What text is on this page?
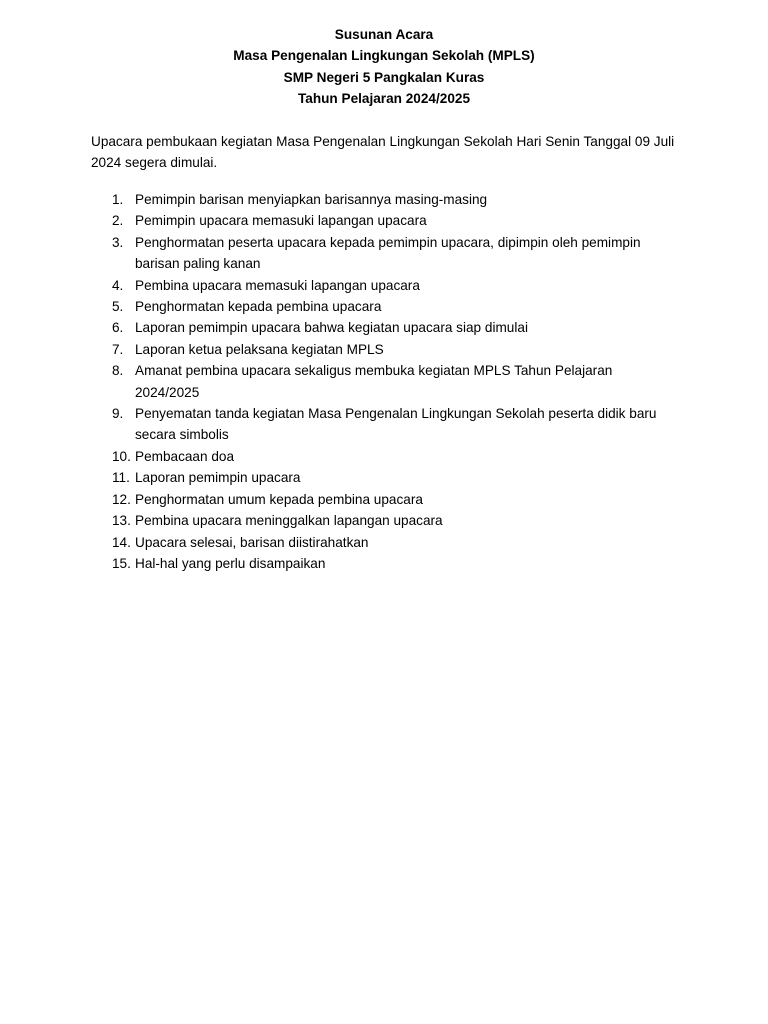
Susunan Acara
Masa Pengenalan Lingkungan Sekolah (MPLS)
SMP Negeri 5 Pangkalan Kuras
Tahun Pelajaran 2024/2025
Upacara pembukaan kegiatan Masa Pengenalan Lingkungan Sekolah Hari Senin Tanggal 09 Juli 2024 segera dimulai.
1. Pemimpin barisan menyiapkan barisannya masing-masing
2. Pemimpin upacara memasuki lapangan upacara
3. Penghormatan peserta upacara kepada pemimpin upacara, dipimpin oleh pemimpin barisan paling kanan
4. Pembina upacara memasuki lapangan upacara
5. Penghormatan kepada pembina upacara
6. Laporan pemimpin upacara bahwa kegiatan upacara siap dimulai
7. Laporan ketua pelaksana kegiatan MPLS
8. Amanat pembina upacara sekaligus membuka kegiatan MPLS Tahun Pelajaran 2024/2025
9. Penyematan tanda kegiatan Masa Pengenalan Lingkungan Sekolah peserta didik baru secara simbolis
10. Pembacaan doa
11. Laporan pemimpin upacara
12. Penghormatan umum kepada pembina upacara
13. Pembina upacara meninggalkan lapangan upacara
14. Upacara selesai, barisan diistirahatkan
15. Hal-hal yang perlu disampaikan
